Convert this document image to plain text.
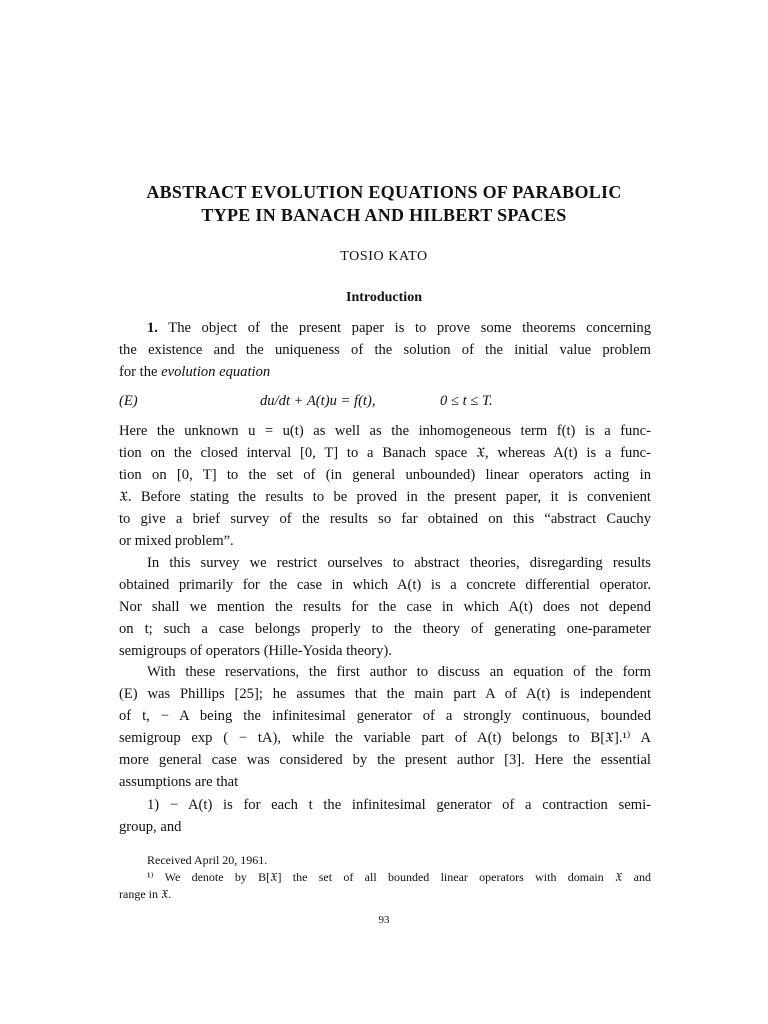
ABSTRACT EVOLUTION EQUATIONS OF PARABOLIC
TYPE IN BANACH AND HILBERT SPACES
TOSIO KATO
Introduction
1. The object of the present paper is to prove some theorems concerning
the existence and the uniqueness of the solution of the initial value problem
for the evolution equation
(E)	du/dt + A(t)u = f(t),	0 ≤ t ≤ T.
Here the unknown u = u(t) as well as the inhomogeneous term f(t) is a func-
tion on the closed interval [0, T] to a Banach space 𝔛, whereas A(t) is a func-
tion on [0, T] to the set of (in general unbounded) linear operators acting in
𝔛. Before stating the results to be proved in the present paper, it is convenient
to give a brief survey of the results so far obtained on this “abstract Cauchy
or mixed problem”.
In this survey we restrict ourselves to abstract theories, disregarding results
obtained primarily for the case in which A(t) is a concrete differential operator.
Nor shall we mention the results for the case in which A(t) does not depend
on t; such a case belongs properly to the theory of generating one-parameter
semigroups of operators (Hille-Yosida theory).
With these reservations, the first author to discuss an equation of the form
(E) was Phillips [25]; he assumes that the main part A of A(t) is independent
of t, − A being the infinitesimal generator of a strongly continuous, bounded
semigroup exp ( − tA), while the variable part of A(t) belongs to B[𝔛].¹⁾ A
more general case was considered by the present author [3]. Here the essential
assumptions are that
1) − A(t) is for each t the infinitesimal generator of a contraction semi-
group, and
Received April 20, 1961.
¹⁾ We denote by B[𝔛] the set of all bounded linear operators with domain 𝔛 and
range in 𝔛.
93
